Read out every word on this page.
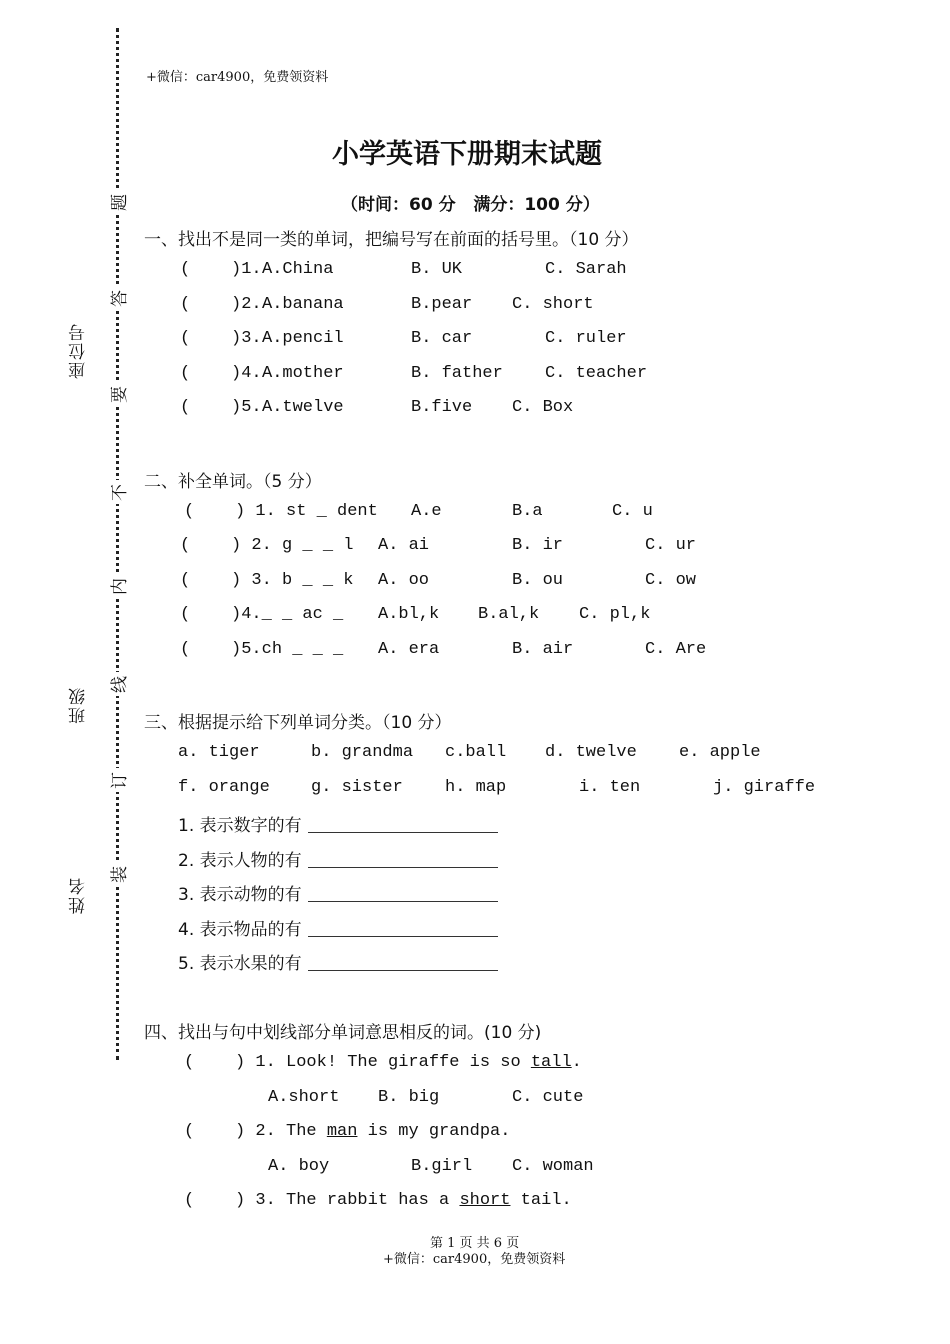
+微信：car4900，免费领资料
题
答
要
不
内
线
订
装
座位号
班级
姓名
小学英语下册期末试题
（时间：60 分   满分：100 分）
一、找出不是同一类的单词，把编号写在前面的括号里。（10 分）
(    )1. A.China	B. UK	C. Sarah
(    )2. A.banana	B.pear C. short
(    )3. A.pencil	B. car	C. ruler
(    )4. A.mother	B. father C. teacher
(    )5. A.twelve	B.five C. Box
二、补全单词。（5 分）
(    ) 1. st _ dent A.e	B.a	C. u
(    ) 2. g _ _ l A. ai	B. ir	C. ur
(    ) 3. b _ _ k A. oo	B. ou	C. ow
(    )4._ _ ac _ A.bl,k B.al,k C. pl,k
(    )5.ch _ _ _ A. era	B. air	C. Are
三、根据提示给下列单词分类。（10 分）
a. tiger	b. grandma c.ball d. twelve e. apple
f. orange g. sister h. map	i. ten	j. giraffe
1. 表示数字的有
2. 表示人物的有
3. 表示动物的有
4. 表示物品的有
5. 表示水果的有
四、找出与句中划线部分单词意思相反的词。(10 分)
(    ) 1. Look! The giraffe is so tall.
A.short B. big	C. cute
(    ) 2. The man is my grandpa.
A. boy	B.girl C. woman
(    ) 3. The rabbit has a short tail.
第 1 页 共 6 页
+微信：car4900，免费领资料
